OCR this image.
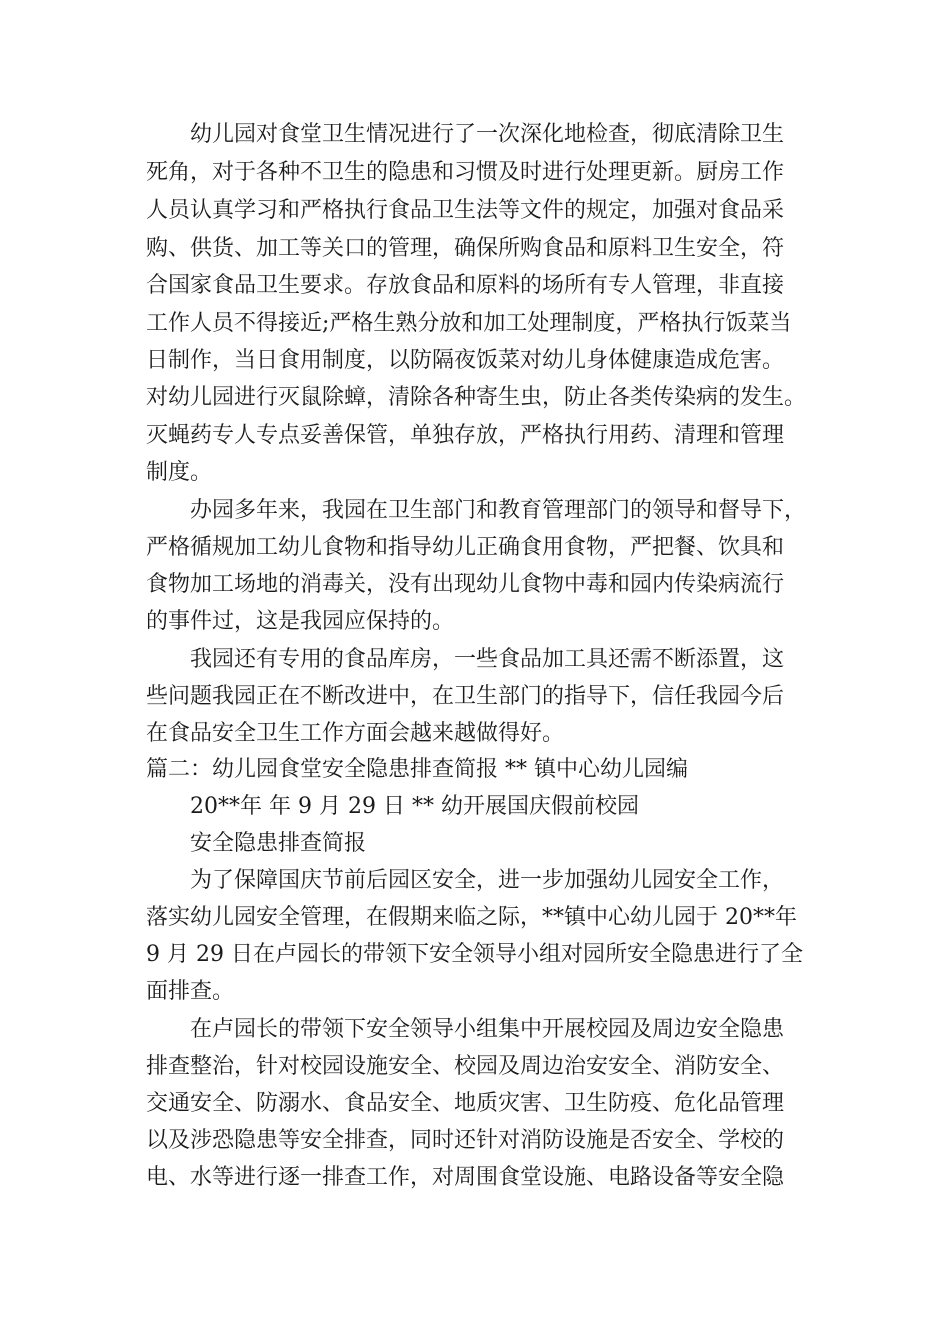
幼儿园对食堂卫生情况进行了一次深化地检查，彻底清除卫生

死角，对于各种不卫生的隐患和习惯及时进行处理更新。厨房工作

人员认真学习和严格执行食品卫生法等文件的规定，加强对食品采

购、供货、加工等关口的管理，确保所购食品和原料卫生安全，符

合国家食品卫生要求。存放食品和原料的场所有专人管理，非直接

工作人员不得接近;严格生熟分放和加工处理制度，严格执行饭菜当

日制作，当日食用制度，以防隔夜饭菜对幼儿身体健康造成危害。

对幼儿园进行灭鼠除蟑，清除各种寄生虫，防止各类传染病的发生。

灭蝇药专人专点妥善保管，单独存放，严格执行用药、清理和管理

制度。

办园多年来，我园在卫生部门和教育管理部门的领导和督导下，

严格循规加工幼儿食物和指导幼儿正确食用食物，严把餐、饮具和

食物加工场地的消毒关，没有出现幼儿食物中毒和园内传染病流行

的事件过，这是我园应保持的。

我园还有专用的食品库房，一些食品加工具还需不断添置，这

些问题我园正在不断改进中，在卫生部门的指导下，信任我园今后

在食品安全卫生工作方面会越来越做得好。

篇二：幼儿园食堂安全隐患排查简报 ** 镇中心幼儿园编

20**年 年 9 月 29 日 ** 幼开展国庆假前校园

安全隐患排查简报

为了保障国庆节前后园区安全，进一步加强幼儿园安全工作，

落实幼儿园安全管理，在假期来临之际，**镇中心幼儿园于 20**年

9 月 29 日在卢园长的带领下安全领导小组对园所安全隐患进行了全

面排查。

在卢园长的带领下安全领导小组集中开展校园及周边安全隐患

排查整治，针对校园设施安全、校园及周边治安安全、消防安全、

交通安全、防溺水、食品安全、地质灾害、卫生防疫、危化品管理

以及涉恐隐患等安全排查，同时还针对消防设施是否安全、学校的

电、水等进行逐一排查工作，对周围食堂设施、电路设备等安全隐
